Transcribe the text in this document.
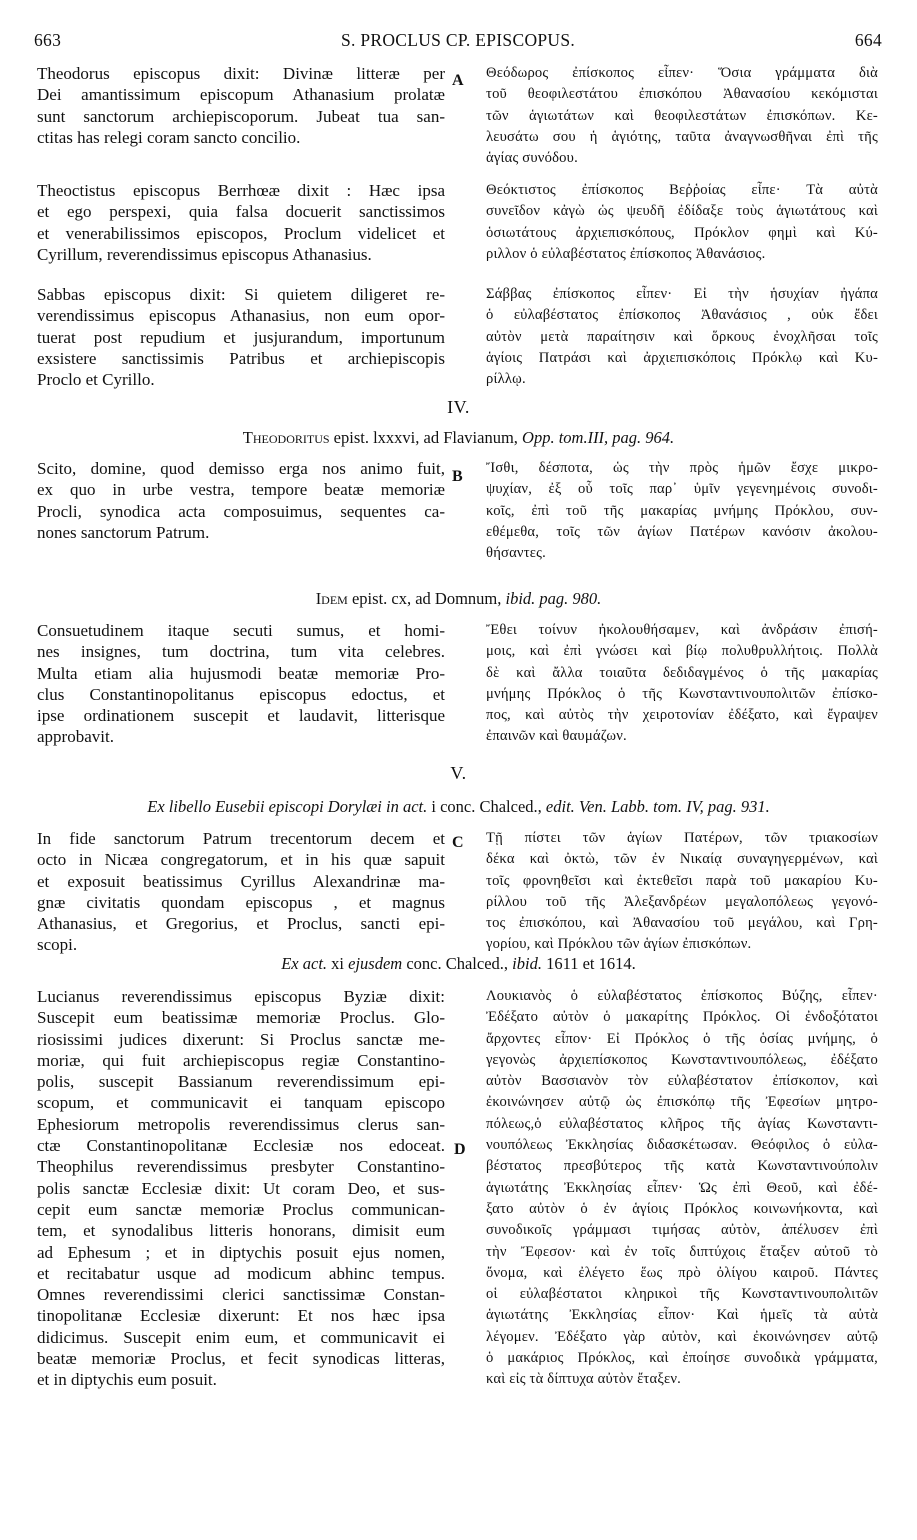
663	S. PROCLUS CP. EPISCOPUS.	664
Theodorus episcopus dixit: Divinæ litteræ per
Dei amantissimum episcopum Athanasium prolatæ
sunt sanctorum archiepiscoporum. Jubeat tua san-
ctitas has relegi coram sancto concilio.
A Θεόδωρος ἐπίσκοπος εἶπεν· Ὅσια γράμματα διὰ
τοῦ θεοφιλεστάτου ἐπισκόπου Ἀθανασίου κεκόμισται
τῶν ἁγιωτάτων καὶ θεοφιλεστάτων ἐπισκόπων. Κε-
λευσάτω σου ἡ ἁγιότης, ταῦτα ἀναγνωσθῆναι ἐπὶ τῆς
ἁγίας συνόδου.
Theoctistus episcopus Berrhœæ dixit : Hæc ipsa
et ego perspexi, quia falsa docuerit sanctissimos
et venerabilissimos episcopos, Proclum videlicet et
Cyrillum, reverendissimus episcopus Athanasius.
Θεόκτιστος ἐπίσκοπος Βεῤῥοίας εἶπε· Τὰ αὐτὰ
συνεῖδον κἀγὼ ὡς ψευδῆ ἐδίδαξε τοὺς ἁγιωτάτους καὶ
ὁσιωτάτους ἀρχιεπισκόπους, Πρόκλον φημὶ καὶ Κύ-
ριλλον ὁ εὐλαβέστατος ἐπίσκοπος Ἀθανάσιος.
Sabbas episcopus dixit: Si quietem diligeret re-
verendissimus episcopus Athanasius, non eum opor-
tuerat post repudium et jusjurandum, importunum
exsistere sanctissimis Patribus et archiepiscopis
Proclo et Cyrillo.
Σάββας ἐπίσκοπος εἶπεν· Εἰ τὴν ἡσυχίαν ἠγάπα
ὁ εὐλαβέστατος ἐπίσκοπος Ἀθανάσιος , οὐκ ἔδει
αὐτὸν μετὰ παραίτησιν καὶ ὅρκους ἐνοχλῆσαι τοῖς
ἁγίοις Πατράσι καὶ ἀρχιεπισκόποις Πρόκλῳ καὶ Κυ-
ρίλλῳ.
IV.
Theodoritus epist. lxxxvi, ad Flavianum, Opp. tom.III, pag. 964.
Scito, domine, quod demisso erga nos animo fuit,
ex quo in urbe vestra, tempore beatæ memoriæ
Procli, synodica acta composuimus, sequentes ca-
nones sanctorum Patrum.
B Ἴσθι, δέσποτα, ὡς τὴν πρὸς ἡμῶν ἔσχε μικρο-
ψυχίαν, ἐξ οὗ τοῖς παρ᾽ ὑμῖν γεγενημένοις συνοδι-
κοῖς, ἐπὶ τοῦ τῆς μακαρίας μνήμης Πρόκλου, συν-
εθέμεθα, τοῖς τῶν ἁγίων Πατέρων κανόσιν ἀκολου-
θήσαντες.
Idem epist. cx, ad Domnum, ibid. pag. 980.
Consuetudinem itaque secuti sumus, et homi-
nes insignes, tum doctrina, tum vita celebres.
Multa etiam alia hujusmodi beatæ memoriæ Pro-
clus Constantinopolitanus episcopus edoctus, et
ipse ordinationem suscepit et laudavit, litterisque
approbavit.
Ἔθει τοίνυν ἠκολουθήσαμεν, καὶ ἀνδράσιν ἐπισή-
μοις, καὶ ἐπὶ γνώσει καὶ βίῳ πολυθρυλλήτοις. Πολλὰ
δὲ καὶ ἄλλα τοιαῦτα δεδιδαγμένος ὁ τῆς μακαρίας
μνήμης Πρόκλος ὁ τῆς Κωνσταντινουπολιτῶν ἐπίσκο-
πος, καὶ αὐτὸς τὴν χειροτονίαν ἐδέξατο, καὶ ἔγραψεν
ἐπαινῶν καὶ θαυμάζων.
V.
Ex libello Eusebii episcopi Dorylæi in act. i conc. Chalced., edit. Ven. Labb. tom. IV, pag. 931.
In fide sanctorum Patrum trecentorum decem et
octo in Nicæa congregatorum, et in his quæ sapuit
et exposuit beatissimus Cyrillus Alexandrinæ ma-
gnæ civitatis quondam episcopus , et magnus
Athanasius, et Gregorius, et Proclus, sancti epi-
scopi.
C Τῇ πίστει τῶν ἁγίων Πατέρων, τῶν τριακοσίων
δέκα καὶ ὀκτὼ, τῶν ἐν Νικαίᾳ συναγηγερμένων, καὶ
τοῖς φρονηθεῖσι καὶ ἐκτεθεῖσι παρὰ τοῦ μακαρίου Κυ-
ρίλλου τοῦ τῆς Ἀλεξανδρέων μεγαλοπόλεως γεγονό-
τος ἐπισκόπου, καὶ Ἀθανασίου τοῦ μεγάλου, καὶ Γρη-
γορίου, καὶ Πρόκλου τῶν ἁγίων ἐπισκόπων.
Ex act. xi ejusdem conc. Chalced., ibid. 1611 et 1614.
Lucianus reverendissimus episcopus Byziæ dixit:
Suscepit eum beatissimæ memoriæ Proclus. Glo-
riosissimi judices dixerunt: Si Proclus sanctæ me-
moriæ, qui fuit archiepiscopus regiæ Constantino-
polis, suscepit Bassianum reverendissimum epi-
scopum, et communicavit ei tanquam episcopo
Ephesiorum metropolis reverendissimus clerus san-
ctæ Constantinopolitanæ Ecclesiæ nos edoceat.
Theophilus reverendissimus presbyter Constantino-
polis sanctæ Ecclesiæ dixit: Ut coram Deo, et sus-
cepit eum sanctæ memoriæ Proclus communican-
tem, et synodalibus litteris honorans, dimisit eum
ad Ephesum ; et in diptychis posuit ejus nomen,
et recitabatur usque ad modicum abhinc tempus.
Omnes reverendissimi clerici sanctissimæ Constan-
tinopolitanæ Ecclesiæ dixerunt: Et nos hæc ipsa
didicimus. Suscepit enim eum, et communicavit ei
beatæ memoriæ Proclus, et fecit synodicas litteras,
et in diptychis eum posuit.
D
Λουκιανὸς ὁ εὐλαβέστατος ἐπίσκοπος Βύζης, εἶπεν·
Ἐδέξατο αὐτὸν ὁ μακαρίτης Πρόκλος. Οἱ ἐνδοξότατοι
ἄρχοντες εἶπον· Εἰ Πρόκλος ὁ τῆς ὁσίας μνήμης, ὁ
γεγονὼς ἀρχιεπίσκοπος Κωνσταντινουπόλεως, ἐδέξατο
αὐτὸν Βασσιανὸν τὸν εὐλαβέστατον ἐπίσκοπον, καὶ
ἐκοινώνησεν αὐτῷ ὡς ἐπισκόπῳ τῆς Ἐφεσίων μητρο-
πόλεως,ὁ εὐλαβέστατος κλῆρος τῆς ἁγίας Κωνσταντι-
νουπόλεως Ἐκκλησίας διδασκέτωσαν. Θεόφιλος ὁ εὐλα-
βέστατος πρεσβύτερος τῆς κατὰ Κωνσταντινούπολιν
ἁγιωτάτης Ἐκκλησίας εἶπεν· Ὡς ἐπὶ Θεοῦ, καὶ ἐδέ-
ξατο αὐτὸν ὁ ἐν ἁγίοις Πρόκλος κοινωνήκοντα, καὶ
συνοδικοῖς γράμμασι τιμήσας αὐτὸν, ἀπέλυσεν ἐπὶ
τὴν Ἔφεσον· καὶ ἐν τοῖς διπτύχοις ἔταξεν αὐτοῦ τὸ
ὄνομα, καὶ ἐλέγετο ἕως πρὸ ὀλίγου καιροῦ. Πάντες
οἱ εὐλαβέστατοι κληρικοὶ τῆς Κωνσταντινουπολιτῶν
ἁγιωτάτης Ἐκκλησίας εἶπον· Καὶ ἡμεῖς τὰ αὐτὰ
λέγομεν. Ἐδέξατο γὰρ αὐτὸν, καὶ ἐκοινώνησεν αὐτῷ
ὁ μακάριος Πρόκλος, καὶ ἐποίησε συνοδικὰ γράμματα,
καὶ εἰς τὰ δίπτυχα αὐτὸν ἔταξεν.
